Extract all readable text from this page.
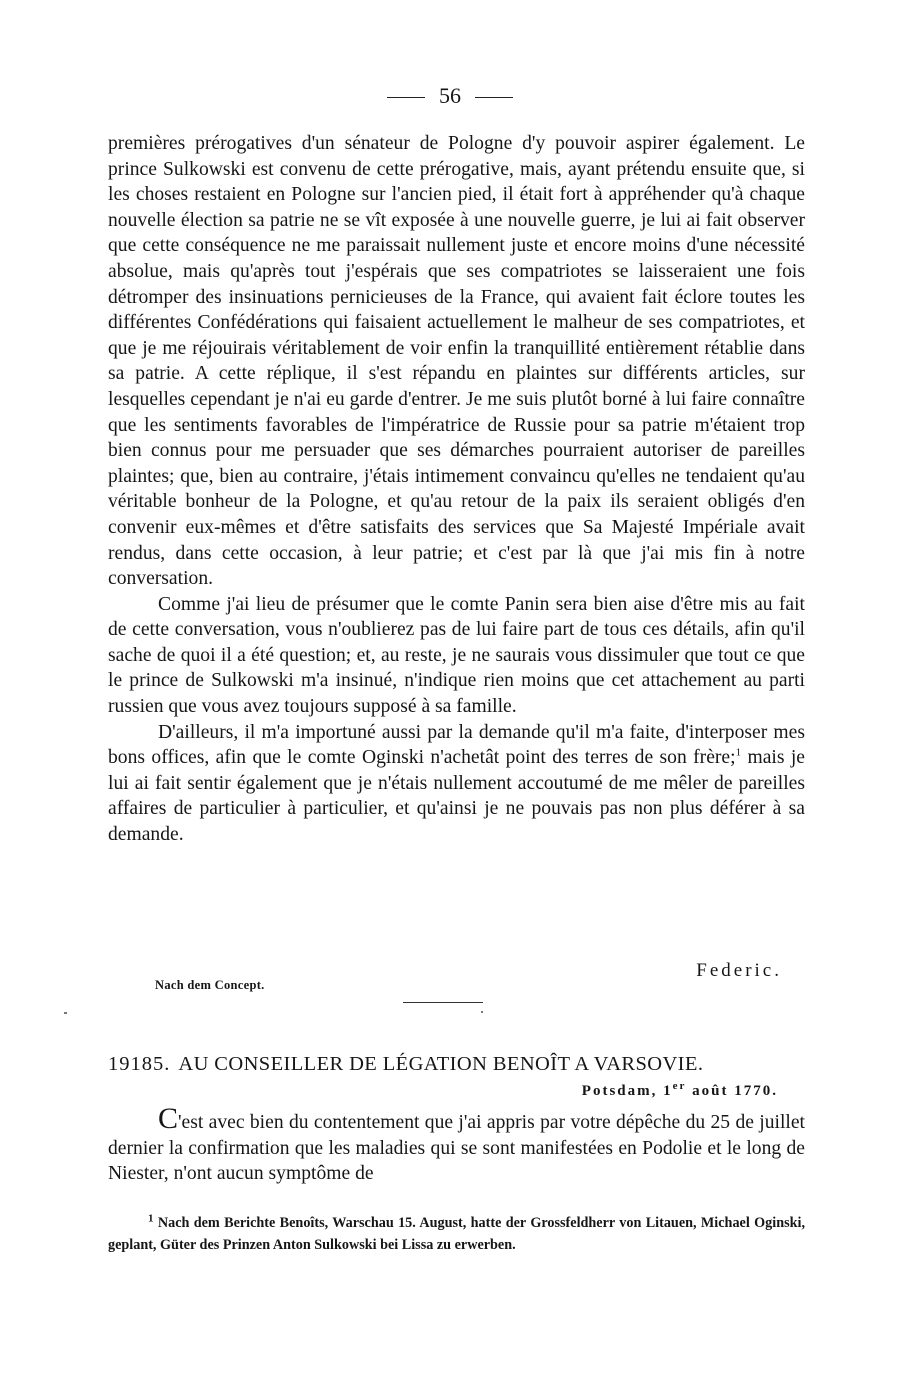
56

premières prérogatives d'un sénateur de Pologne d'y pouvoir aspirer également. Le prince Sulkowski est convenu de cette prérogative, mais, ayant prétendu ensuite que, si les choses restaient en Pologne sur l'ancien pied, il était fort à appréhender qu'à chaque nouvelle élection sa patrie ne se vît exposée à une nouvelle guerre, je lui ai fait observer que cette conséquence ne me paraissait nullement juste et encore moins d'une nécessité absolue, mais qu'après tout j'espérais que ses compatriotes se laisseraient une fois détromper des insinuations pernicieuses de la France, qui avaient fait éclore toutes les différentes Confédérations qui faisaient actuellement le malheur de ses compatriotes, et que je me réjouirais véritablement de voir enfin la tranquillité entièrement rétablie dans sa patrie. A cette réplique, il s'est répandu en plaintes sur différents articles, sur lesquelles cependant je n'ai eu garde d'entrer. Je me suis plutôt borné à lui faire connaître que les sentiments favorables de l'impératrice de Russie pour sa patrie m'étaient trop bien connus pour me persuader que ses démarches pourraient autoriser de pareilles plaintes; que, bien au contraire, j'étais intimement convaincu qu'elles ne tendaient qu'au véritable bonheur de la Pologne, et qu'au retour de la paix ils seraient obligés d'en convenir eux-mêmes et d'être satisfaits des services que Sa Majesté Impériale avait rendus, dans cette occasion, à leur patrie; et c'est par là que j'ai mis fin à notre conversation.

Comme j'ai lieu de présumer que le comte Panin sera bien aise d'être mis au fait de cette conversation, vous n'oublierez pas de lui faire part de tous ces détails, afin qu'il sache de quoi il a été question; et, au reste, je ne saurais vous dissimuler que tout ce que le prince de Sulkowski m'a insinué, n'indique rien moins que cet attachement au parti russien que vous avez toujours supposé à sa famille.

D'ailleurs, il m'a importuné aussi par la demande qu'il m'a faite, d'interposer mes bons offices, afin que le comte Oginski n'achetât point des terres de son frère;$^1$ mais je lui ai fait sentir également que je n'étais nullement accoutumé de me mêler de pareilles affaires de particulier à particulier, et qu'ainsi je ne pouvais pas non plus déférer à sa demande.

Federic.
Nach dem Concept.
19185. AU CONSEILLER DE LÉGATION BENOÎT A VARSOVIE.
Potsdam, 1er août 1770.

C'est avec bien du contentement que j'ai appris par votre dépêche du 25 de juillet dernier la confirmation que les maladies qui se sont manifestées en Podolie et le long de Niester, n'ont aucun symptôme de

$^1$ Nach dem Berichte Benoîts, Warschau 15. August, hatte der Grossfeldherr von Litauen, Michael Oginski, geplant, Güter des Prinzen Anton Sulkowski bei Lissa zu erwerben.
